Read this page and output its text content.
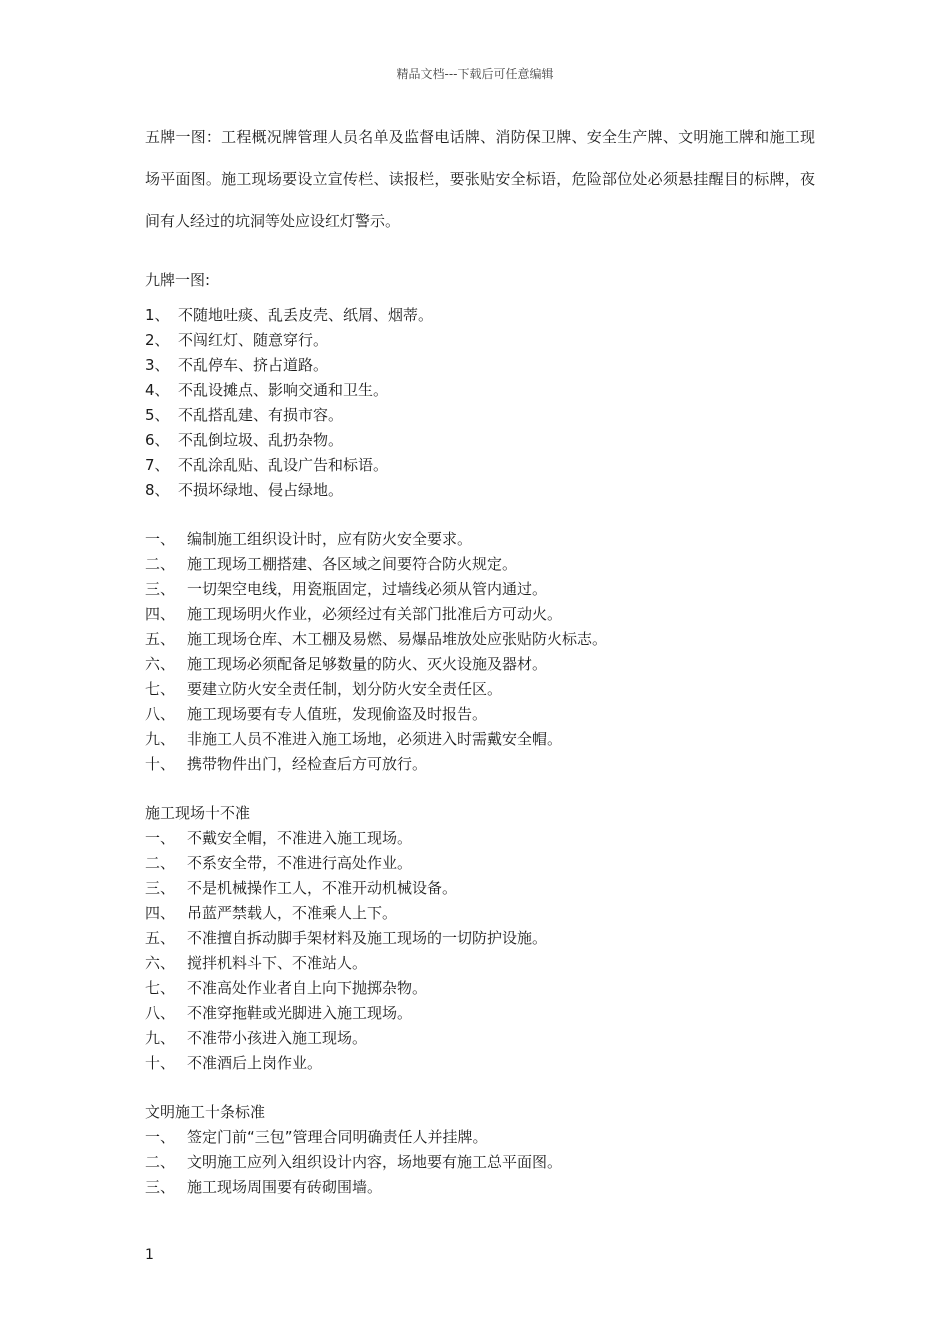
精品文档---下载后可任意编辑
五牌一图：工程概况牌管理人员名单及监督电话牌、消防保卫牌、安全生产牌、文明施工牌和施工现场平面图。施工现场要设立宣传栏、读报栏，要张贴安全标语，危险部位处必须悬挂醒目的标牌，夜间有人经过的坑洞等处应设红灯警示。
九牌一图:
1、 不随地吐痰、乱丢皮壳、纸屑、烟蒂。
2、 不闯红灯、随意穿行。
3、 不乱停车、挤占道路。
4、 不乱设摊点、影响交通和卫生。
5、 不乱搭乱建、有损市容。
6、 不乱倒垃圾、乱扔杂物。
7、 不乱涂乱贴、乱设广告和标语。
8、 不损坏绿地、侵占绿地。
一、 编制施工组织设计时，应有防火安全要求。
二、 施工现场工棚搭建、各区域之间要符合防火规定。
三、 一切架空电线，用瓷瓶固定，过墙线必须从管内通过。
四、 施工现场明火作业，必须经过有关部门批准后方可动火。
五、 施工现场仓库、木工棚及易燃、易爆品堆放处应张贴防火标志。
六、 施工现场必须配备足够数量的防火、灭火设施及器材。
七、 要建立防火安全责任制，划分防火安全责任区。
八、 施工现场要有专人值班，发现偷盗及时报告。
九、 非施工人员不准进入施工场地，必须进入时需戴安全帽。
十、 携带物件出门，经检查后方可放行。
施工现场十不准
一、 不戴安全帽，不准进入施工现场。
二、 不系安全带，不准进行高处作业。
三、 不是机械操作工人，不准开动机械设备。
四、 吊蓝严禁载人，不准乘人上下。
五、 不准擅自拆动脚手架材料及施工现场的一切防护设施。
六、 搅拌机料斗下、不准站人。
七、 不准高处作业者自上向下抛掷杂物。
八、 不准穿拖鞋或光脚进入施工现场。
九、 不准带小孩进入施工现场。
十、 不准酒后上岗作业。
文明施工十条标准
一、 签定门前“三包”管理合同明确责任人并挂牌。
二、 文明施工应列入组织设计内容，场地要有施工总平面图。
三、 施工现场周围要有砖砌围墙。
1
